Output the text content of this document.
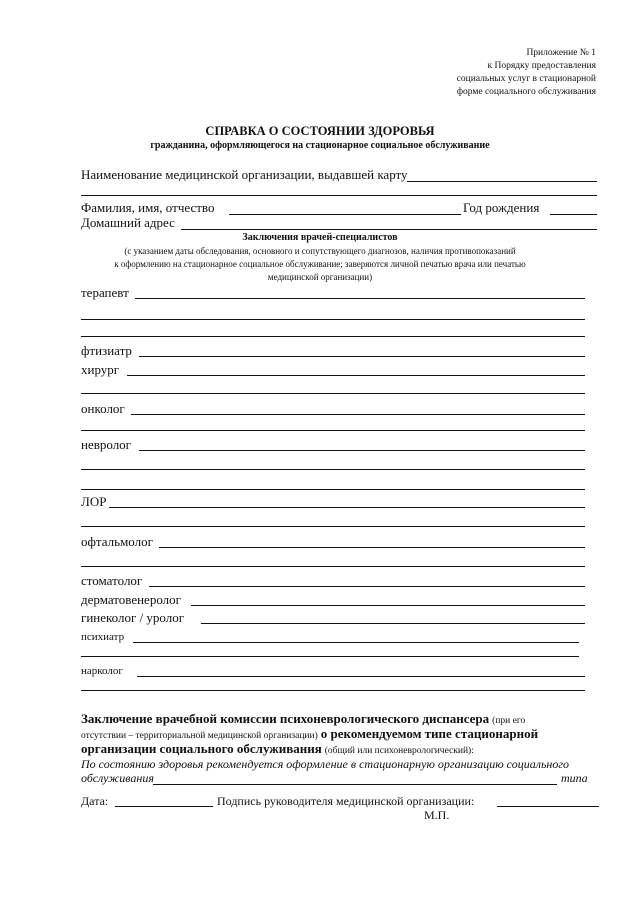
Приложение № 1
к Порядку предоставления
социальных услуг в стационарной
форме социального обслуживания
СПРАВКА О СОСТОЯНИИ ЗДОРОВЬЯ
гражданина, оформляющегося на стационарное социальное обслуживание
Наименование медицинской организации, выдавшей карту
Фамилия, имя, отчество	Год рождения
Домашний адрес
Заключения врачей-специалистов
(с указанием даты обследования, основного и сопутствующего диагнозов, наличия противопоказаний
к оформлению на стационарное социальное обслуживание; заверяются личной печатью врача или печатью
медицинской организации)
терапевт
фтизиатр
хирург
онколог
невролог
ЛОР
офтальмолог
стоматолог
дерматовенеролог
гинеколог / уролог
психиатр
нарколог
Заключение врачебной комиссии психоневрологического диспансера (при его
отсутствии – территориальной медицинской организации) о рекомендуемом типе стационарной
организации социального обслуживания (общий или психоневрологический):
По состоянию здоровья рекомендуется оформление в стационарную организацию социального
обслуживания	типа
Дата:	Подпись руководителя медицинской организации:
М.П.
